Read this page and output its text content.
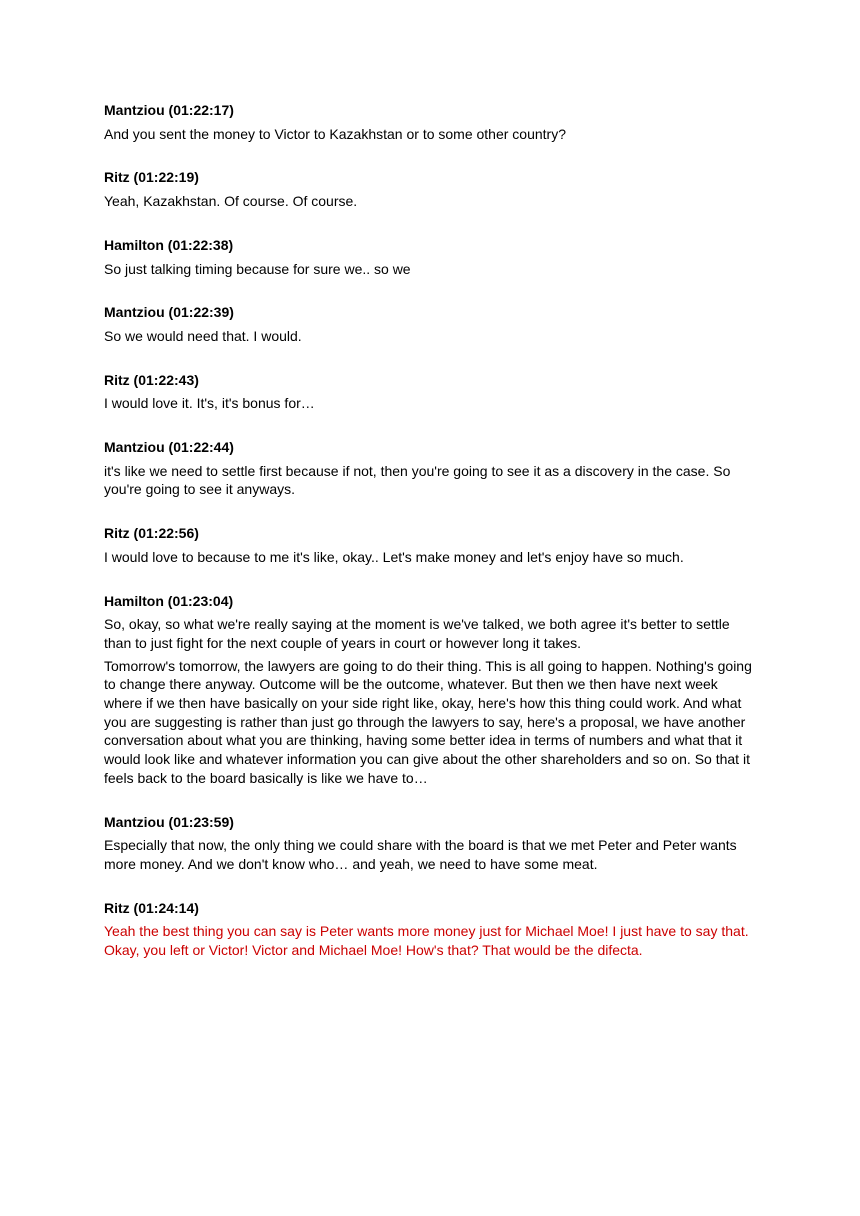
Mantziou (01:22:17)

And you sent the money to Victor to Kazakhstan or to some other country?

Ritz (01:22:19)

Yeah, Kazakhstan. Of course. Of course.

Hamilton (01:22:38)

So just talking timing because for sure we.. so we

Mantziou (01:22:39)

So we would need that. I would.

Ritz (01:22:43)

I would love it. It's, it's bonus for…

Mantziou (01:22:44)

it's like we need to settle first because if not, then you're going to see it as a discovery in the case. So you're going to see it anyways.

Ritz (01:22:56)

I would love to because to me it's like, okay.. Let's make money and let's enjoy have so much.

Hamilton (01:23:04)

So, okay, so what we're really saying at the moment is we've talked, we both agree it's better to settle than to just fight for the next couple of years in court or however long it takes.

Tomorrow's tomorrow, the lawyers are going to do their thing. This is all going to happen. Nothing's going to change there anyway. Outcome will be the outcome, whatever. But then we then have next week where if we then have basically on your side right like, okay, here's how this thing could work. And what you are suggesting is rather than just go through the lawyers to say, here's a proposal, we have another conversation about what you are thinking, having some better idea in terms of numbers and what that it would look like and whatever information you can give about the other shareholders and so on. So that it feels back to the board basically is like we have to…

Mantziou (01:23:59)

Especially that now, the only thing we could share with the board is that we met Peter and Peter wants more money. And we don't know who… and yeah, we need to have some meat.

Ritz (01:24:14)

Yeah the best thing you can say is Peter wants more money just for Michael Moe! I just have to say that. Okay, you left or Victor! Victor and Michael Moe! How's that? That would be the difecta.
